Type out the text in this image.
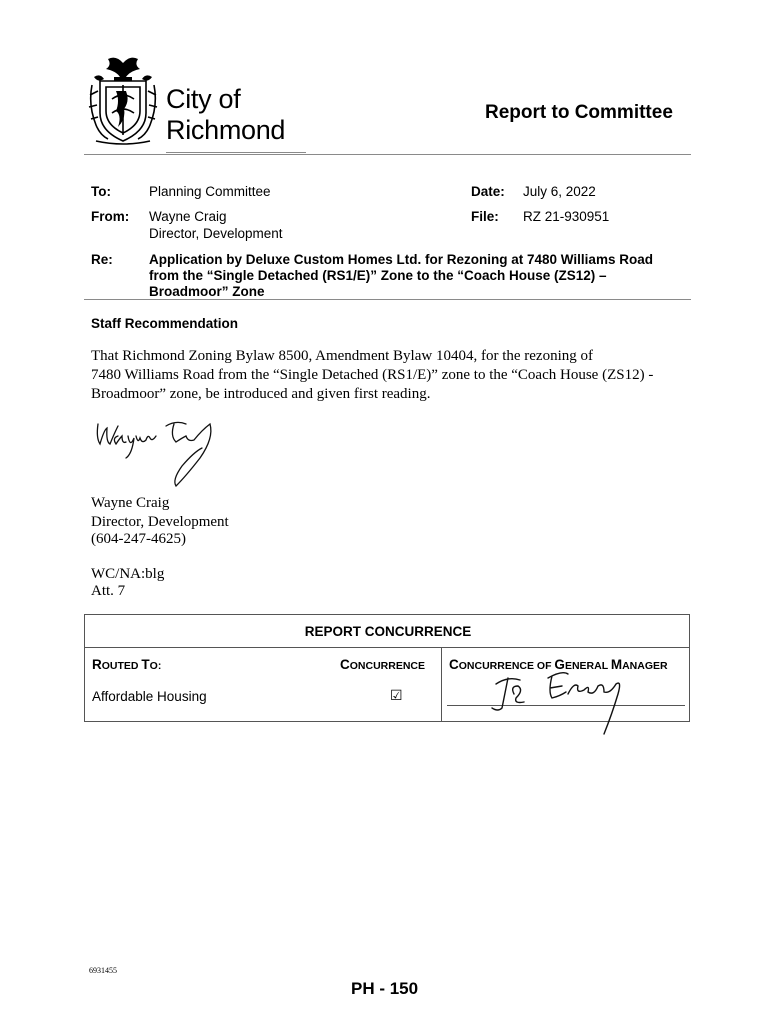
City of
Richmond
Report to Committee
To:	Planning Committee	Date: July 6, 2022
From: Wayne Craig
Director, Development
File: RZ 21-930951
Re:	Application by Deluxe Custom Homes Ltd. for Rezoning at 7480 Williams Road
from the “Single Detached (RS1/E)” Zone to the “Coach House (ZS12) –
Broadmoor” Zone
Staff Recommendation
That Richmond Zoning Bylaw 8500, Amendment Bylaw 10404, for the rezoning of
7480 Williams Road from the “Single Detached (RS1/E)” zone to the “Coach House (ZS12) -
Broadmoor” zone, be introduced and given first reading.
Wayne Craig
Director, Development
(604-247-4625)
WC/NA:blg
Att. 7
REPORT CONCURRENCE
ROUTED TO:	CONCURRENCE CONCURRENCE OF GENERAL MANAGER
Affordable Housing	☑
6931455
PH - 150
